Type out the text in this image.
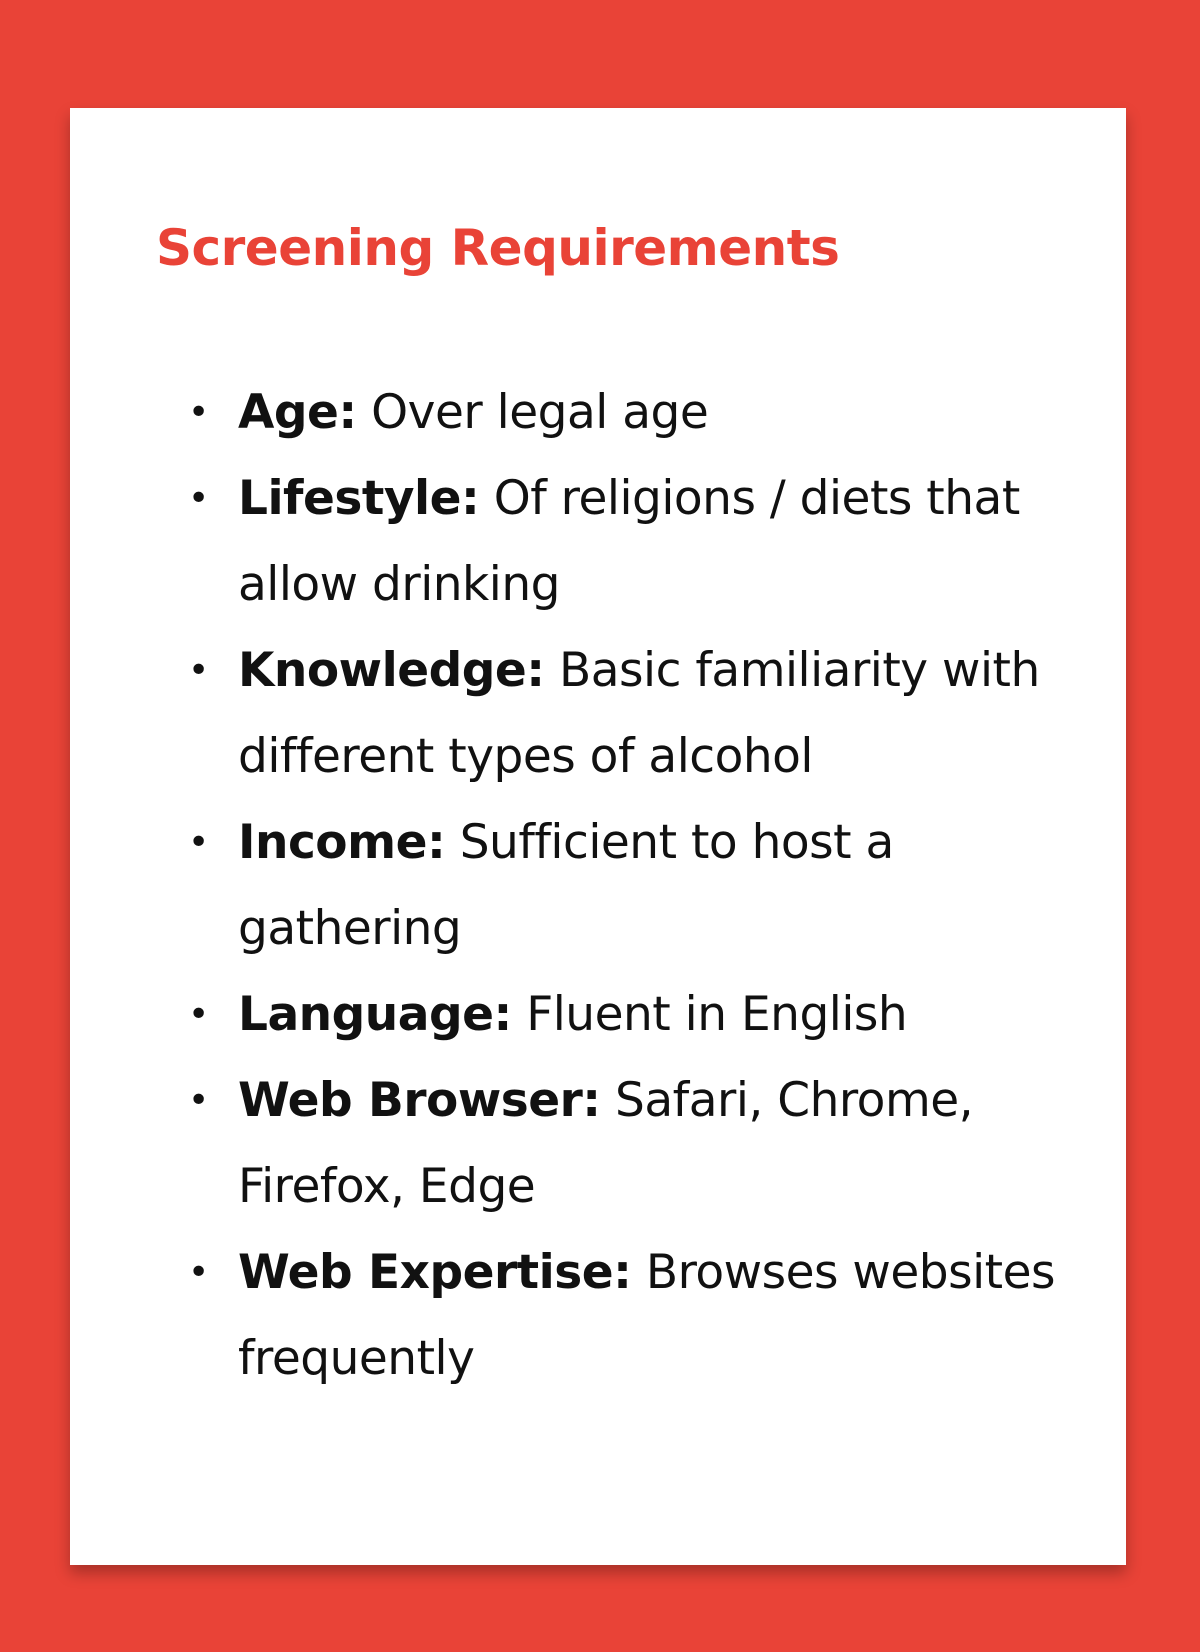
Screening Requirements
• Age: Over legal age
• Lifestyle: Of religions / diets that allow drinking
• Knowledge: Basic familiarity with different types of alcohol
• Income: Sufficient to host a gathering
• Language: Fluent in English
• Web Browser: Safari, Chrome, Firefox, Edge
• Web Expertise: Browses websites frequently
